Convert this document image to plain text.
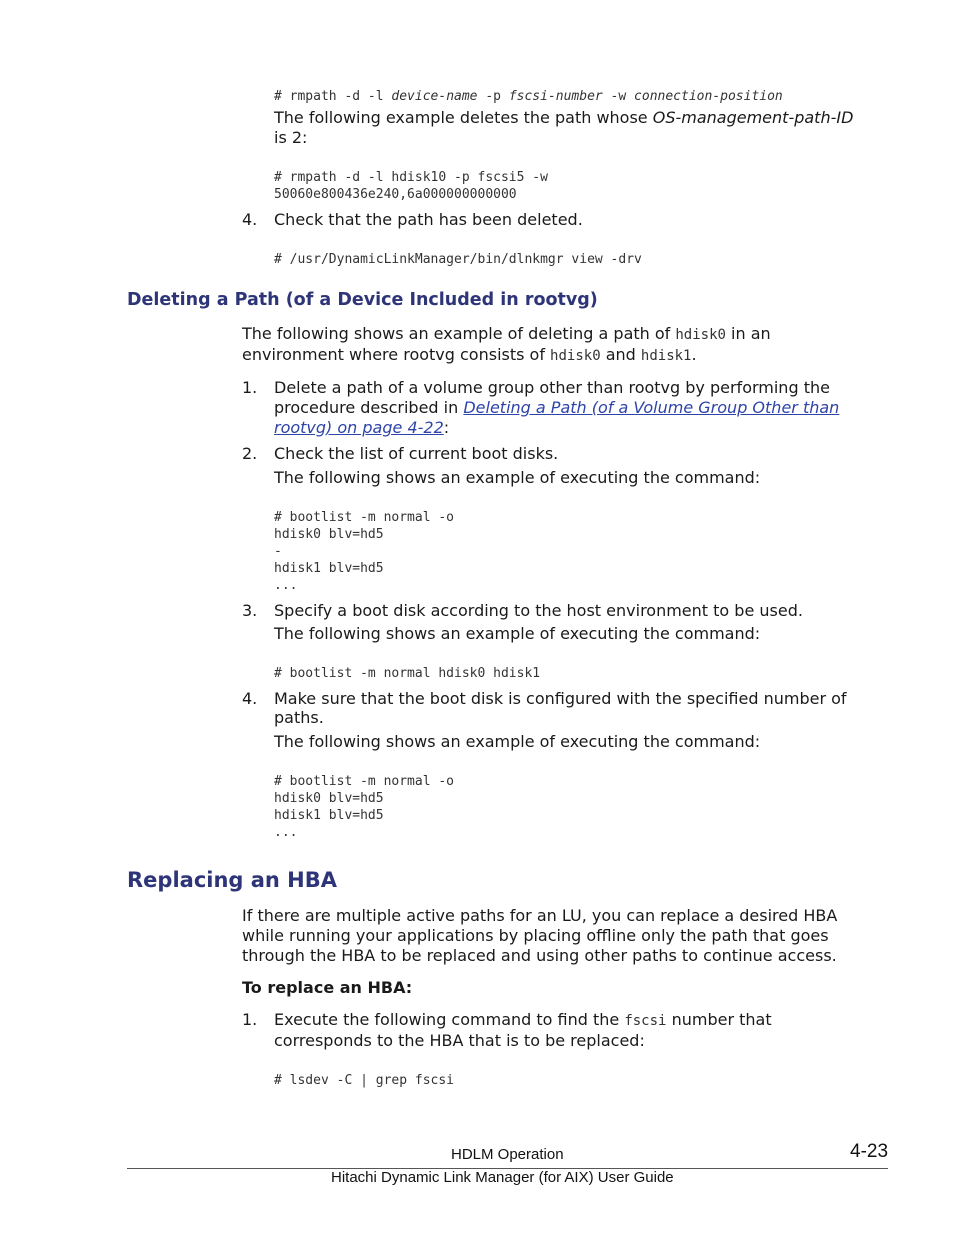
# rmpath -d -l device-name -p fscsi-number -w connection-position
The following example deletes the path whose OS-management-path-ID
is 2:
# rmpath -d -l hdisk10 -p fscsi5 -w
50060e800436e240,6a000000000000
4. Check that the path has been deleted.
# /usr/DynamicLinkManager/bin/dlnkmgr view -drv
Deleting a Path (of a Device Included in rootvg)
The following shows an example of deleting a path of hdisk0 in an
environment where rootvg consists of hdisk0 and hdisk1.
1. Delete a path of a volume group other than rootvg by performing the
procedure described in Deleting a Path (of a Volume Group Other than
rootvg) on page 4-22:
2. Check the list of current boot disks.
The following shows an example of executing the command:
# bootlist -m normal -o
hdisk0 blv=hd5
-
hdisk1 blv=hd5
...
3. Specify a boot disk according to the host environment to be used.
The following shows an example of executing the command:
# bootlist -m normal hdisk0 hdisk1
4. Make sure that the boot disk is configured with the specified number of
paths.
The following shows an example of executing the command:
# bootlist -m normal -o
hdisk0 blv=hd5
hdisk1 blv=hd5
...
Replacing an HBA
If there are multiple active paths for an LU, you can replace a desired HBA
while running your applications by placing offline only the path that goes
through the HBA to be replaced and using other paths to continue access.
To replace an HBA:
1. Execute the following command to find the fscsi number that
corresponds to the HBA that is to be replaced:
# lsdev -C | grep fscsi
HDLM Operation	4-23
Hitachi Dynamic Link Manager (for AIX) User Guide
